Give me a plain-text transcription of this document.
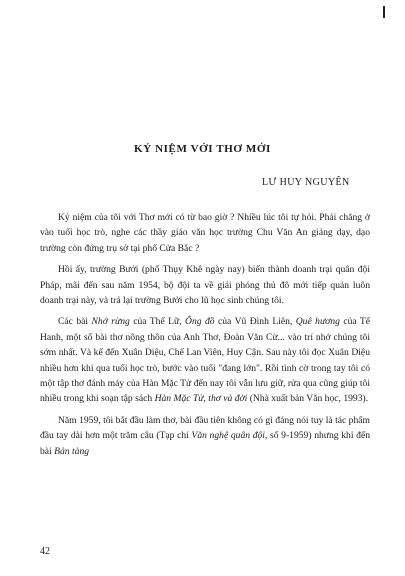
KỶ NIỆM VỚI THƠ MỚI
LƯ HUY NGUYÊN

Kỷ niệm của tôi với Thơ mới có từ bao giờ ? Nhiều lúc tôi tự hỏi. Phải chăng ở vào tuổi học trò, nghe các thầy giáo văn học trường Chu Văn An giảng dạy, dạo trường còn đứng trụ sở tại phố Cửa Bắc ?

Hồi ấy, trường Bưởi (phố Thụy Khê ngày nay) biến thành doanh trại quân đội Pháp, mãi đến sau năm 1954, bộ đội ta về giải phóng thủ đô mới tiếp quản luôn doanh trại này, và trả lại trường Bưởi cho lũ học sinh chúng tôi.

Các bài Nhớ rừng của Thế Lữ, Ông đồ của Vũ Đình Liên, Quê hương của Tế Hanh, một số bài thơ nông thôn của Anh Thơ, Đoàn Văn Cừ... vào trí nhớ chúng tôi sớm nhất. Và kế đến Xuân Diệu, Chế Lan Viên, Huy Cận. Sau này tôi đọc Xuân Diệu nhiều hơn khi qua tuổi học trò, bước vào tuổi "đang lớn". Rồi tình cờ trong tay tôi có một tập thơ đánh máy của Hàn Mặc Tử đến nay tôi vẫn lưu giữ, rửa qua cũng giúp tôi nhiều trong khi soạn tập sách Hàn Mặc Tử, thơ và đời (Nhà xuất bản Văn học, 1993).

Năm 1959, tôi bắt đầu làm thơ, bài đầu tiên không có gì đáng nói tuy là tác phẩm đầu tay dài hơn một trăm câu (Tạp chí Văn nghệ quân đội, số 9-1959) nhưng khi đến bài Bản tàng

42
